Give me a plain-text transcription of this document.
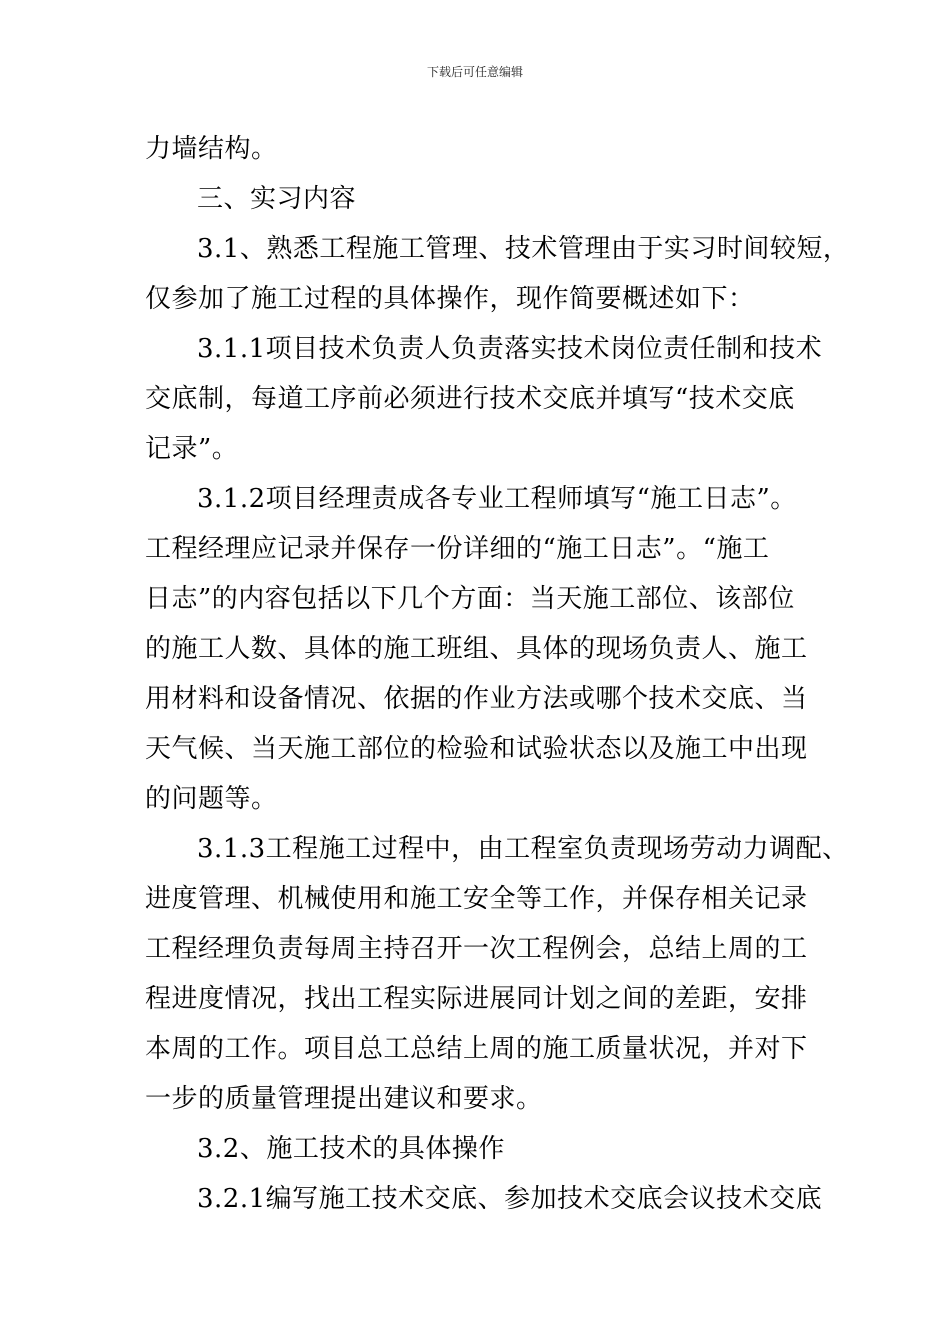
下载后可任意编辑
力墙结构。
三、实习内容
3.1、熟悉工程施工管理、技术管理由于实习时间较短，
仅参加了施工过程的具体操作，现作简要概述如下：
3.1.1项目技术负责人负责落实技术岗位责任制和技术
交底制，每道工序前必须进行技术交底并填写“技术交底
记录”。
3.1.2项目经理责成各专业工程师填写“施工日志”。
工程经理应记录并保存一份详细的“施工日志”。“施工
日志”的内容包括以下几个方面：当天施工部位、该部位
的施工人数、具体的施工班组、具体的现场负责人、施工
用材料和设备情况、依据的作业方法或哪个技术交底、当
天气候、当天施工部位的检验和试验状态以及施工中出现
的问题等。
3.1.3工程施工过程中，由工程室负责现场劳动力调配、
进度管理、机械使用和施工安全等工作，并保存相关记录
工程经理负责每周主持召开一次工程例会，总结上周的工
程进度情况，找出工程实际进展同计划之间的差距，安排
本周的工作。项目总工总结上周的施工质量状况，并对下
一步的质量管理提出建议和要求。
3.2、施工技术的具体操作
3.2.1编写施工技术交底、参加技术交底会议技术交底
